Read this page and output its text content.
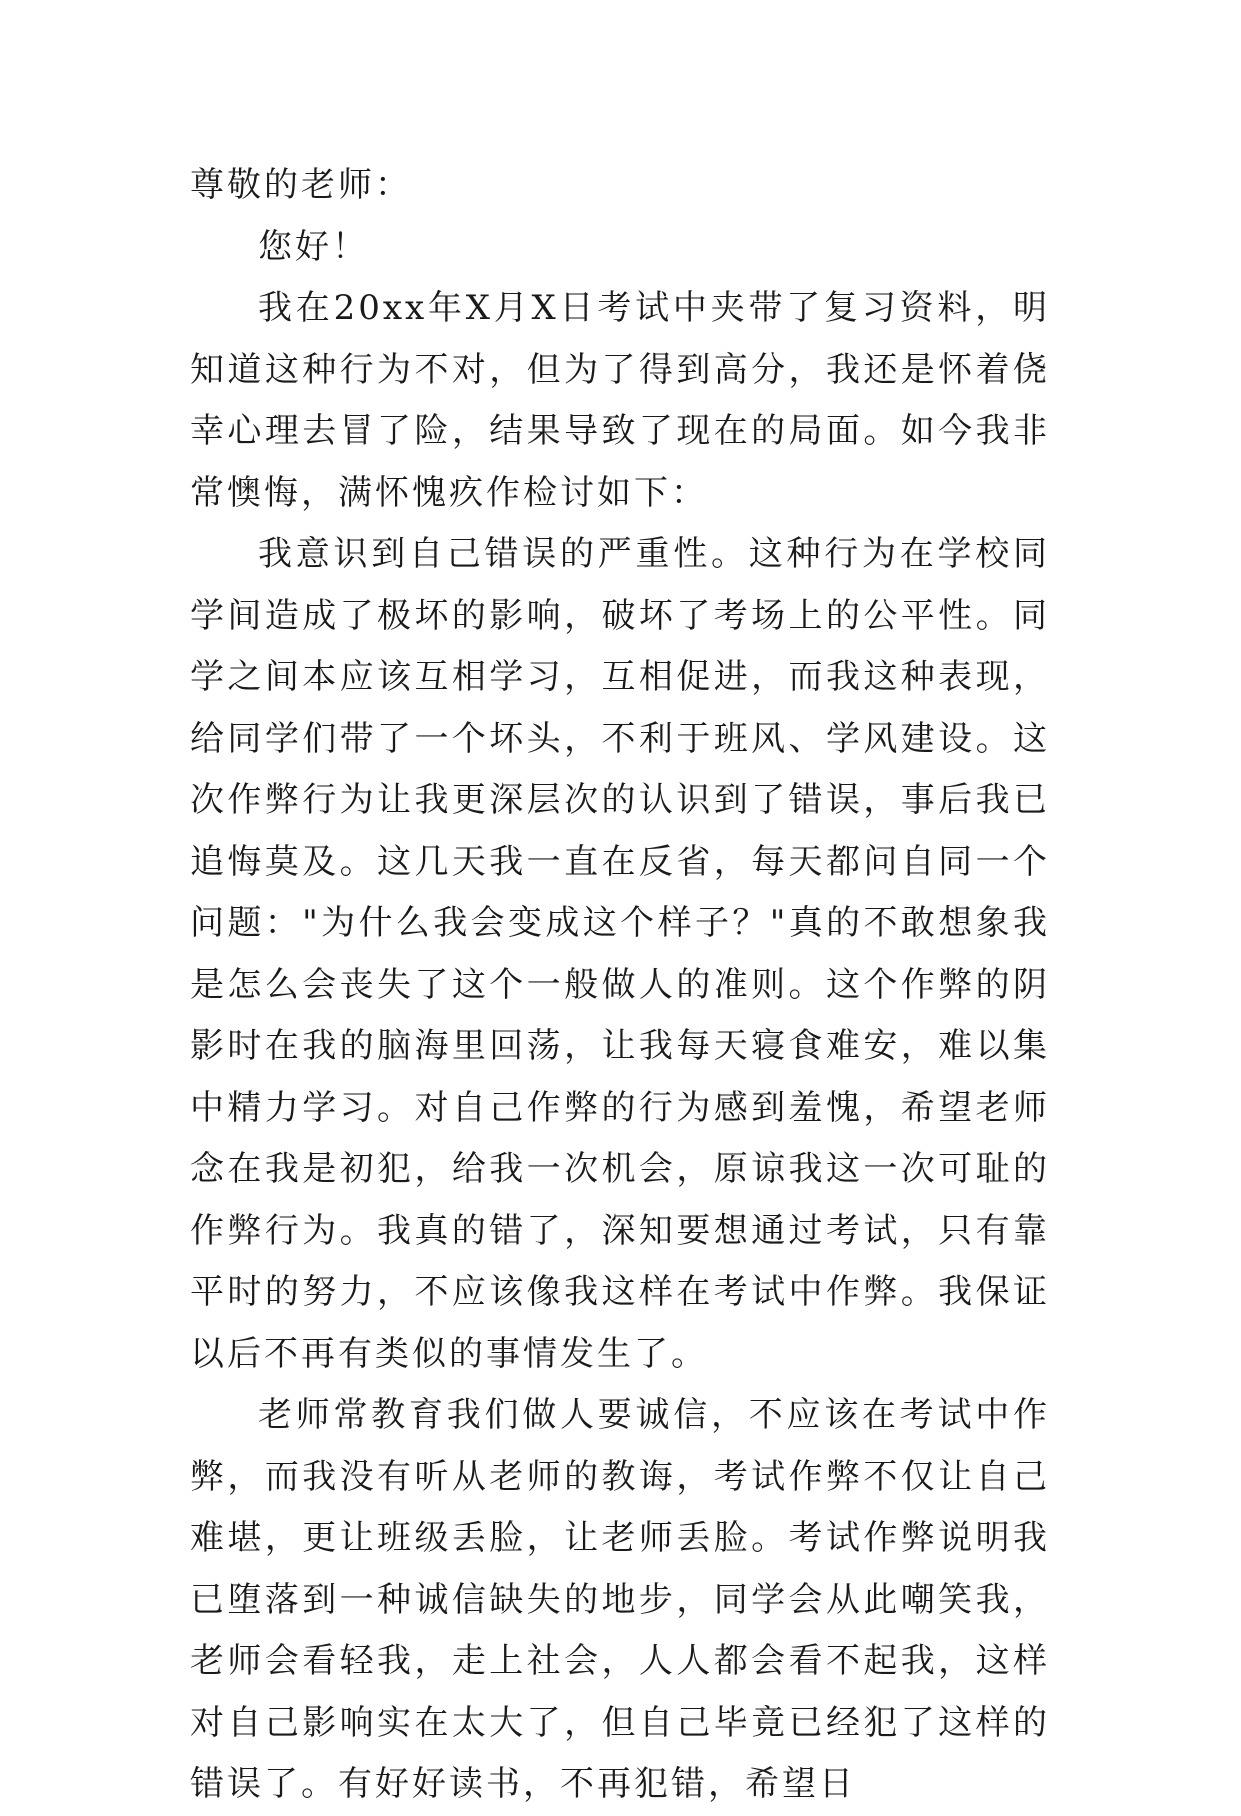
尊敬的老师：

您好！

我在20xx年X月X日考试中夹带了复习资料，明知道这种行为不对，但为了得到高分，我还是怀着侥幸心理去冒了险，结果导致了现在的局面。如今我非常懊悔，满怀愧疚作检讨如下：

我意识到自己错误的严重性。这种行为在学校同学间造成了极坏的影响，破坏了考场上的公平性。同学之间本应该互相学习，互相促进，而我这种表现，给同学们带了一个坏头，不利于班风、学风建设。这次作弊行为让我更深层次的认识到了错误，事后我已追悔莫及。这几天我一直在反省，每天都问自同一个问题："为什么我会变成这个样子？"真的不敢想象我是怎么会丧失了这个一般做人的准则。这个作弊的阴影时在我的脑海里回荡，让我每天寝食难安，难以集中精力学习。对自己作弊的行为感到羞愧，希望老师念在我是初犯，给我一次机会，原谅我这一次可耻的作弊行为。我真的错了，深知要想通过考试，只有靠平时的努力，不应该像我这样在考试中作弊。我保证以后不再有类似的事情发生了。

老师常教育我们做人要诚信，不应该在考试中作弊，而我没有听从老师的教诲，考试作弊不仅让自己难堪，更让班级丢脸，让老师丢脸。考试作弊说明我已堕落到一种诚信缺失的地步，同学会从此嘲笑我，老师会看轻我，走上社会，人人都会看不起我，这样对自己影响实在太大了，但自己毕竟已经犯了这样的错误了。有好好读书，不再犯错，希望日
